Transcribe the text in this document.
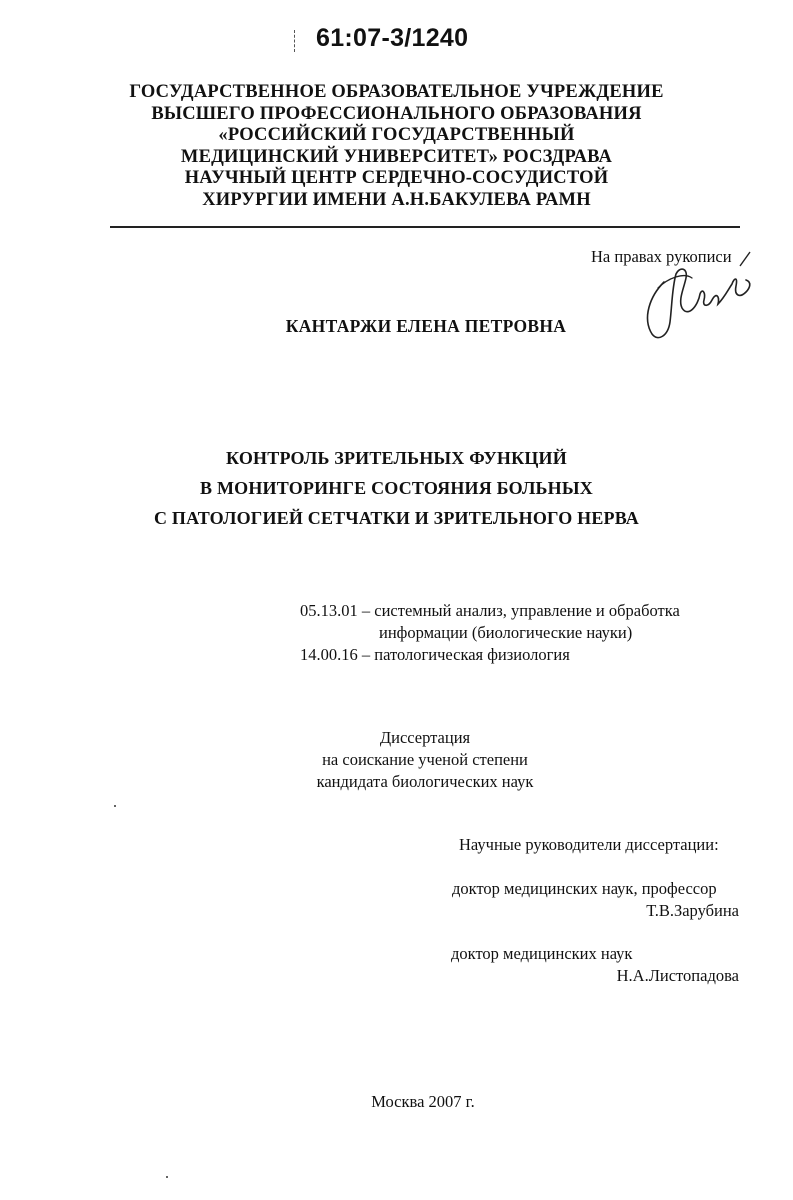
61:07-3/1240
ГОСУДАРСТВЕННОЕ ОБРАЗОВАТЕЛЬНОЕ УЧРЕЖДЕНИЕ
ВЫСШЕГО ПРОФЕССИОНАЛЬНОГО ОБРАЗОВАНИЯ
«РОССИЙСКИЙ ГОСУДАРСТВЕННЫЙ
МЕДИЦИНСКИЙ УНИВЕРСИТЕТ» РОСЗДРАВА
НАУЧНЫЙ ЦЕНТР СЕРДЕЧНО-СОСУДИСТОЙ
ХИРУРГИИ ИМЕНИ А.Н.БАКУЛЕВА РАМН
На правах рукописи
КАНТАРЖИ ЕЛЕНА ПЕТРОВНА
КОНТРОЛЬ ЗРИТЕЛЬНЫХ ФУНКЦИЙ
В МОНИТОРИНГЕ СОСТОЯНИЯ БОЛЬНЫХ
С ПАТОЛОГИЕЙ СЕТЧАТКИ И ЗРИТЕЛЬНОГО НЕРВА
05.13.01 – системный анализ, управление и обработка
информации (биологические науки)
14.00.16 – патологическая физиология
Диссертация
на соискание ученой степени
кандидата биологических наук
Научные руководители диссертации:
доктор медицинских наук, профессор
Т.В.Зарубина
доктор медицинских наук
Н.А.Листопадова
Москва 2007 г.
